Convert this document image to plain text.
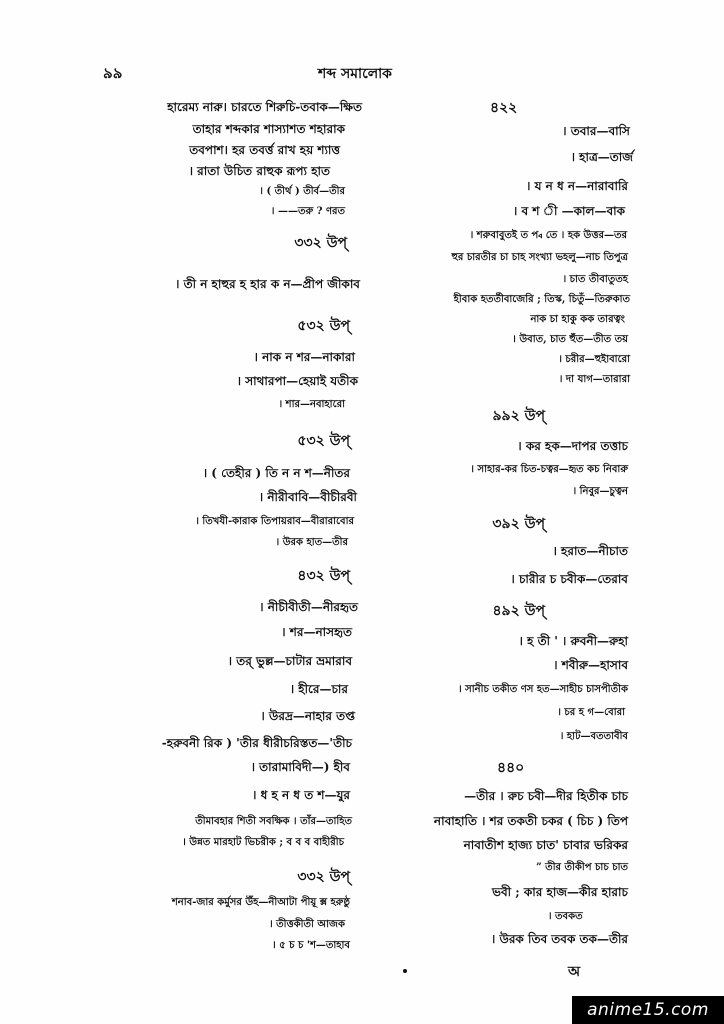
৯৯	শব্দ সমালোক
হারেম্য নারু। চারতে শিরুচি-তবাক—ক্ষিত
তাহার শব্দকার শাস্যাশত শহারাক
তবপাশ। হর তবর্ত্ত রাখ হয় শ্যাত্ত
। রাতা উচিত রাহুক রূপ্য হাত
। ( তীর্থ ) তীর্ব—তীর
। ——তরু ? ণরত
৩৩২ উপ্
। তী ন হাহুর হ হার ক ন—প্রীপ জীকাব
৫৩২ উপ্
। নাক ন শর—নাকারা
। সাথারপা—হেয়াই যতীক
। শার—নবাহারো
৫৩২ উপ্
। ( তেহীর ) তি ন ন শ—নীতর
। নীরীবাবি—বীচীরবী
। তিখযী-কারাক তিপায়রাব—বীরারাবোর
। উরক হাত—তীর
৪৩২ উপ্
। নীচীবীতী—নীরহৃত
। শর—নাসহৃত
। তর্ ভুল্ল—চাটার ভ্রমারাব
। হীরে—চার
। উরদ্র—নাহার তপ্ত
-হরুবনী রিক ) 'তীর ধীরীচরিস্তত—'তীচ
। তারামাবিদী—) হীব
। ধ হ ন ধ ত শ—যুর
তীমাবহার শিতী সবক্ষিক । তাঁর—তাহিত
। উন্নত মারহাট ভিচরীক ; ব ব ব বাহীরীচ
৩৩২ উপ্
শনাব-জার কর্মুসর উঁহ—নীআটা পীয়ূ ক্স হরুষ্ঠু
। তীত্তকীতী আজক
। ৫ চ চ 'শ—তাহাব
৪২২
। তবার—বাসি
। হাত্র—তার্জ
। য ন ধ ন—নারাবারি
। ব শ ী —কাল—বাক
। শরুবাবুতই ত প্ব তে । হক উত্তর—তর
হুর চারতীর চা চাহ সংখ্যা ভহলু—নাচ তিপুত্র
। চাত তীবাতুতহ
হীবাক হতর্তীবাজেরি ; তিস্ক, চিতুঁ—তিরুকাত
নাক চা হাকু কক তারত্বং
। উবাত, চাত হুঁত—তীত তয়
। চরীর—হুইাবারো
। দা যাগ—তারারা
৯৯২ উপ্
। কর হক—দাপর তত্তাচ
। সাহার-কর চিত-চত্বর—হৃত কচ নিবারু
। নিবুর—চুত্বন
৩৯২ উপ্
। হরাত—নীচাত
। চারীর চ চবীক—তেরাব
৪৯২ উপ্
। হ তী ' । রুবনী—রুহা
। শবীরু—হাসাব
। সানীচ তকীত ণস হত—সাহীচ চাসপীতীক
। চর হ গ—বোরা
। হাট—বততাবীব
৪৪০
—তীর । রুচ চবী—দীর হিতীক চাচ
নাবাহাতি । শর তকতী চকর ( চিচ ) তিপ
নাবাতীশ হাজ্য চাত' চাবার ভরিকর
” তীর তীকীপ চাচ চাত
ভবী ; কার হাজ—কীর হারাচ
। তবকত
। উরক তিব তবক তক—তীর
অ
anime15.com
